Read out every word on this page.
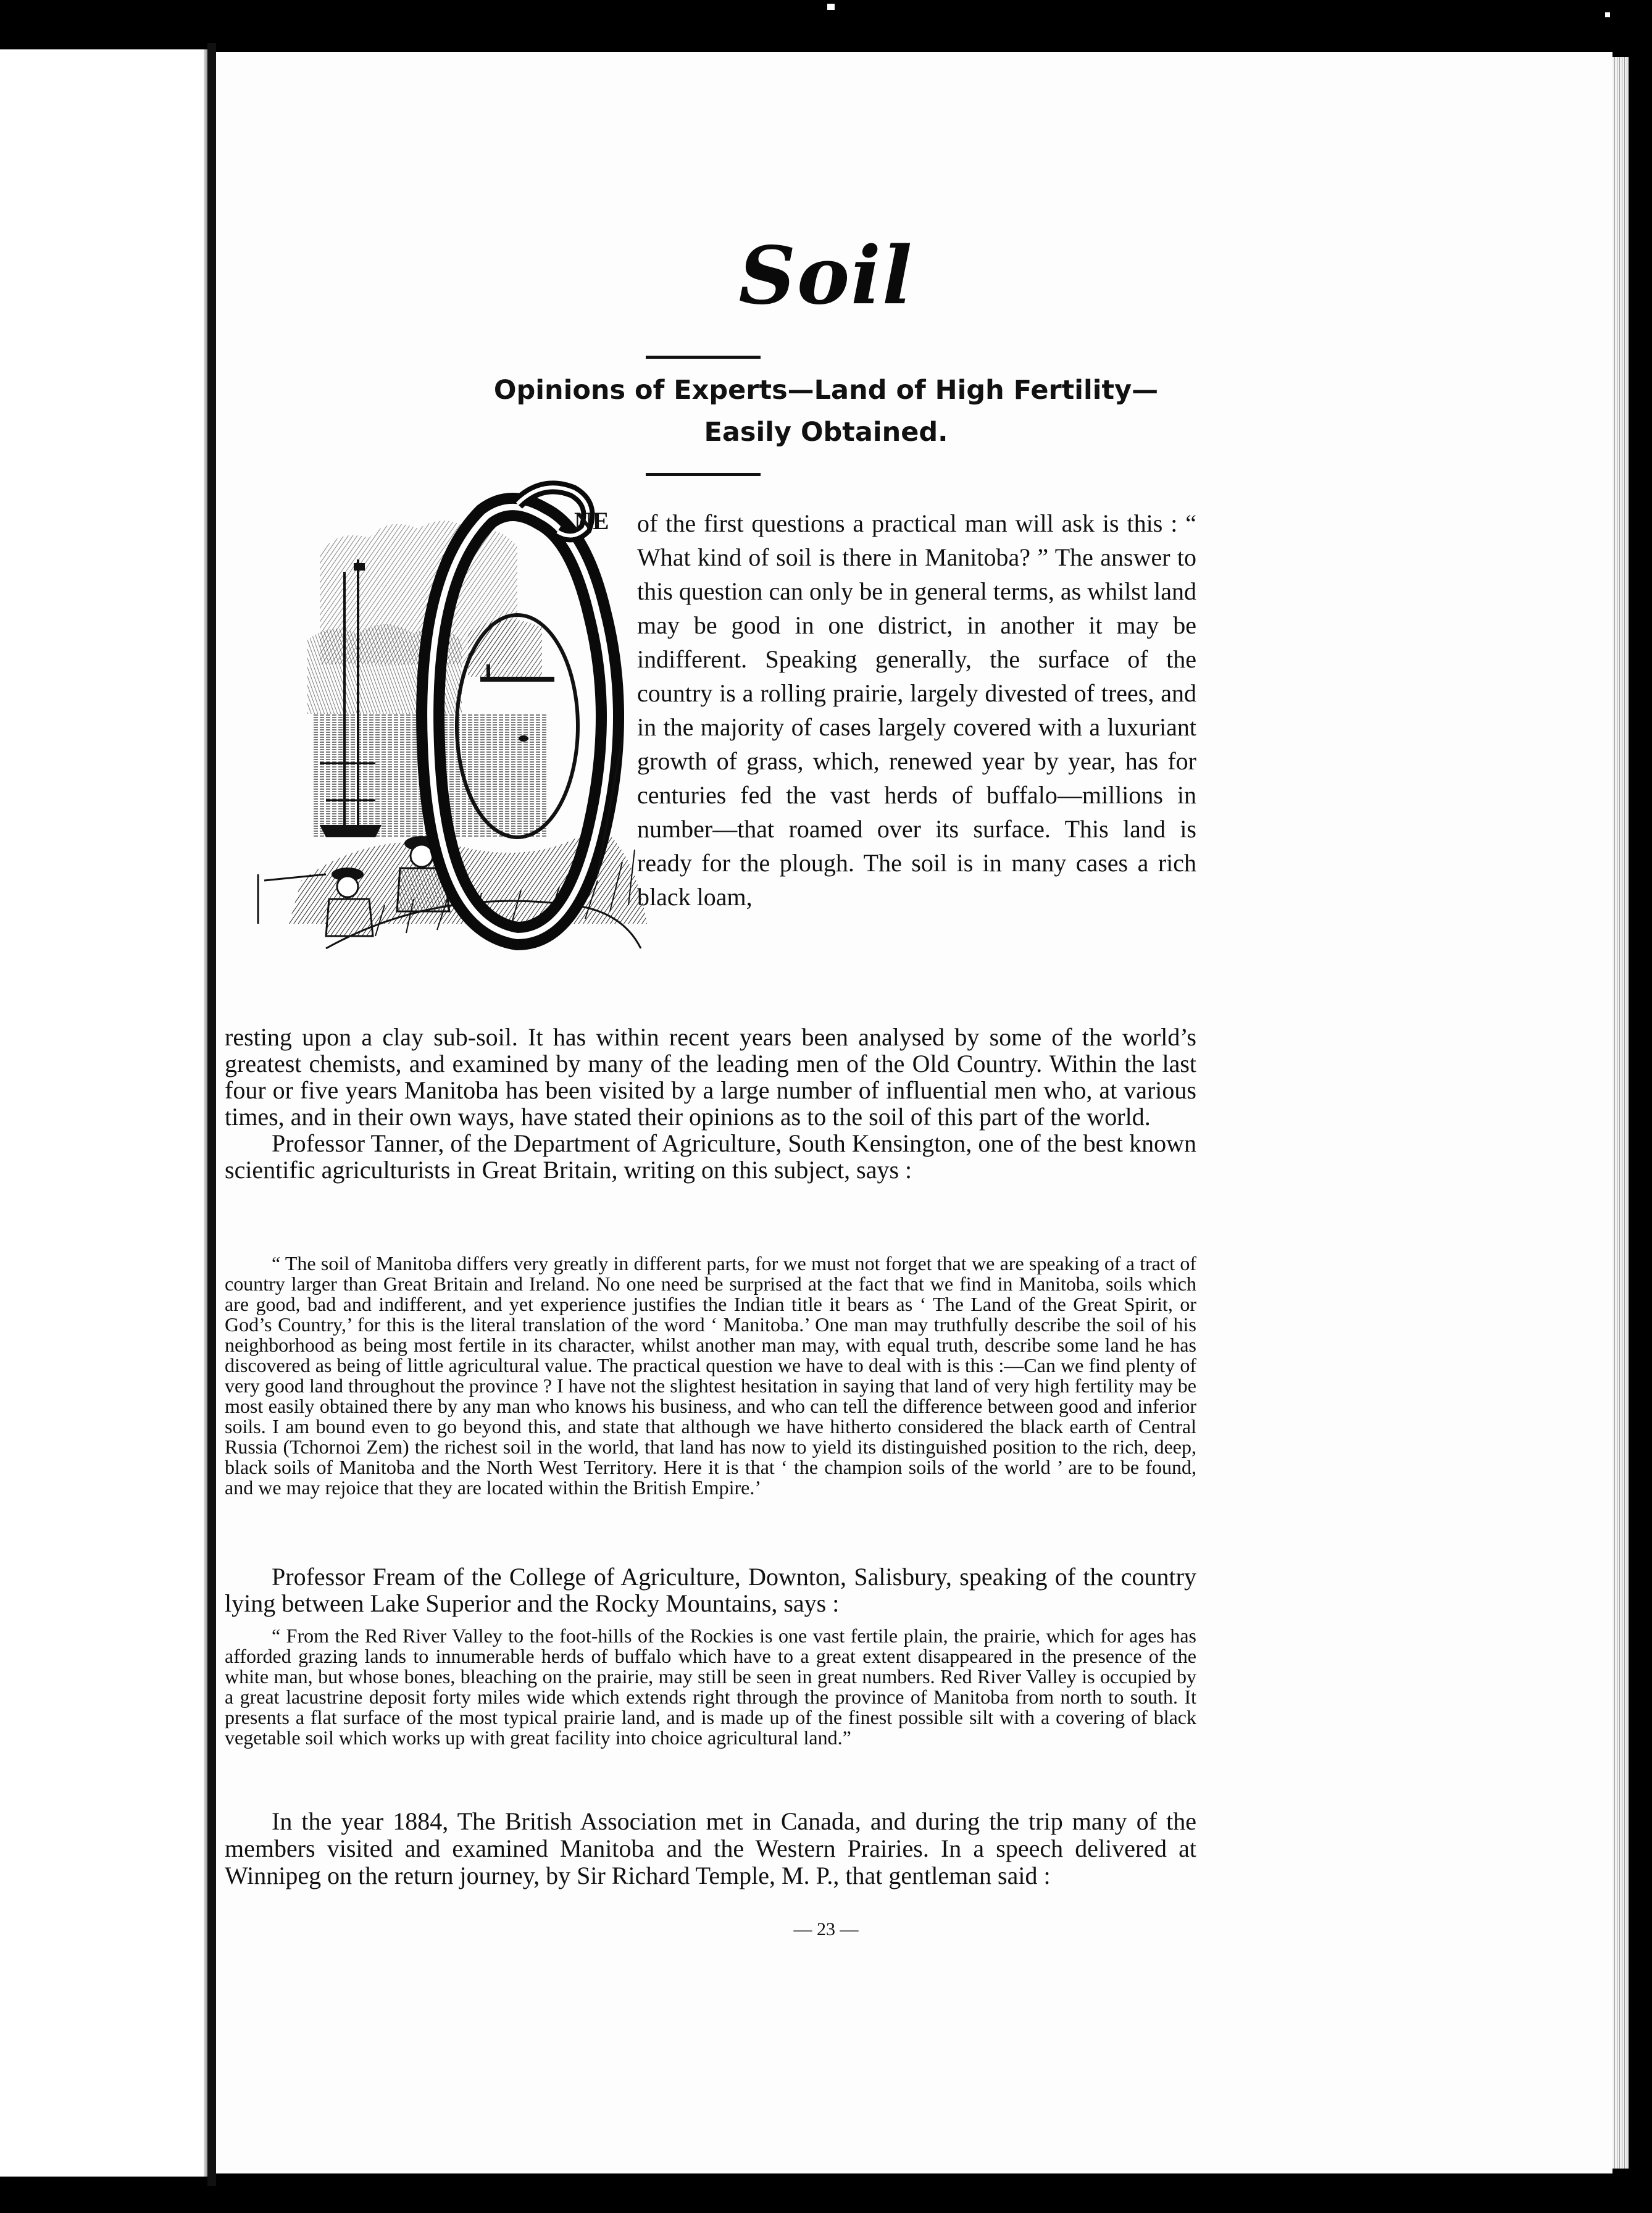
Soil
Opinions of Experts—Land of High Fertility—
Easily Obtained.
NE of the first questions a practical man will ask is this : “ What kind of soil is there in Manitoba? ” The answer to this question can only be in general terms, as whilst land may be good in one district, in another it may be indifferent. Speaking generally, the surface of the country is a rolling prairie, largely divested of trees, and in the majority of cases largely covered with a luxuriant growth of grass, which, renewed year by year, has for centuries fed the vast herds of buffalo—millions in number—that roamed over its surface. This land is ready for the plough. The soil is in many cases a rich black loam,

resting upon a clay sub-soil. It has within recent years been analysed by some of the world’s greatest chemists, and examined by many of the leading men of the Old Country. Within the last four or five years Manitoba has been visited by a large number of influential men who, at various times, and in their own ways, have stated their opinions as to the soil of this part of the world.

Professor Tanner, of the Department of Agriculture, South Kensington, one of the best known scientific agriculturists in Great Britain, writing on this subject, says :

“ The soil of Manitoba differs very greatly in different parts, for we must not forget that we are speaking of a tract of country larger than Great Britain and Ireland. No one need be surprised at the fact that we find in Manitoba, soils which are good, bad and indifferent, and yet experience justifies the Indian title it bears as ‘ The Land of the Great Spirit, or God’s Country,’ for this is the literal translation of the word ‘ Manitoba.’ One man may truthfully describe the soil of his neighborhood as being most fertile in its character, whilst another man may, with equal truth, describe some land he has discovered as being of little agricultural value. The practical question we have to deal with is this :—Can we find plenty of very good land throughout the province ? I have not the slightest hesitation in saying that land of very high fertility may be most easily obtained there by any man who knows his business, and who can tell the difference between good and inferior soils. I am bound even to go beyond this, and state that although we have hitherto considered the black earth of Central Russia (Tchornoi Zem) the richest soil in the world, that land has now to yield its distinguished position to the rich, deep, black soils of Manitoba and the North West Territory. Here it is that ‘ the champion soils of the world ’ are to be found, and we may rejoice that they are located within the British Empire.’

Professor Fream of the College of Agriculture, Downton, Salisbury, speaking of the country lying between Lake Superior and the Rocky Mountains, says :

“ From the Red River Valley to the foot-hills of the Rockies is one vast fertile plain, the prairie, which for ages has afforded grazing lands to innumerable herds of buffalo which have to a great extent disappeared in the presence of the white man, but whose bones, bleaching on the prairie, may still be seen in great numbers. Red River Valley is occupied by a great lacustrine deposit forty miles wide which extends right through the province of Manitoba from north to south. It presents a flat surface of the most typical prairie land, and is made up of the finest possible silt with a covering of black vegetable soil which works up with great facility into choice agricultural land.”

In the year 1884, The British Association met in Canada, and during the trip many of the members visited and examined Manitoba and the Western Prairies. In a speech delivered at Winnipeg on the return journey, by Sir Richard Temple, M. P., that gentleman said :

— 23 —
